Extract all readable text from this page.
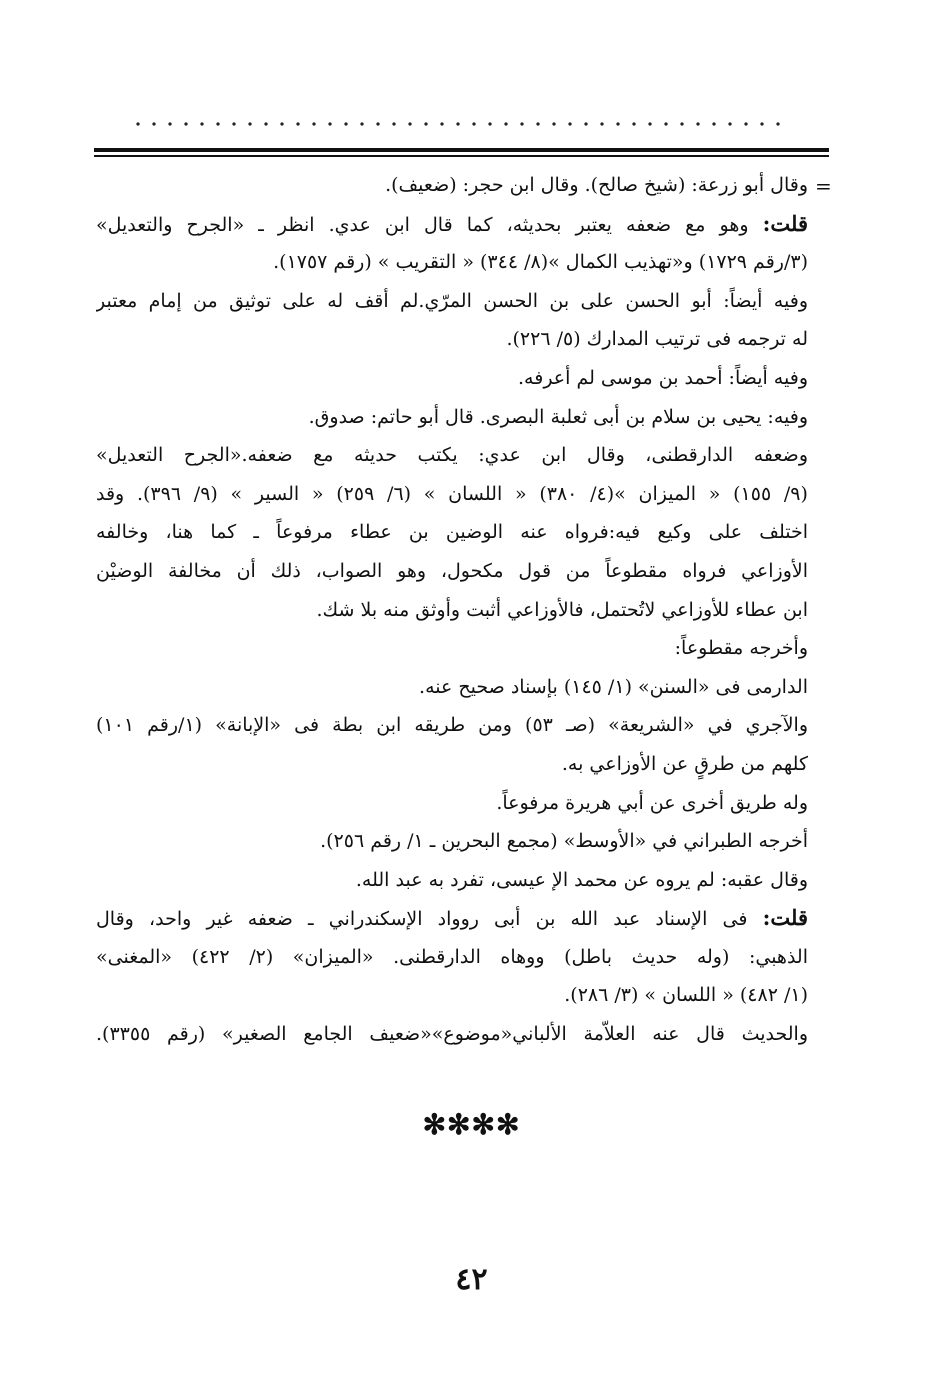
=
وقال أبو زرعة: (شيخ صالح). وقال ابن حجر: (ضعيف).
قلت: وهو مع ضعفه يعتبر بحديثه، كما قال ابن عدي. انظر ـ «الجرح والتعديل»
(٣/رقم ١٧٢٩) و«تهذيب الكمال »(٨/ ٣٤٤) « التقريب » (رقم ١٧٥٧).
وفيه أيضاً: أبو الحسن على بن الحسن المرّي.لم أقف له على توثيق من إمام معتبر
له ترجمه فى ترتيب المدارك (٥/ ٢٢٦).
وفيه أيضاً: أحمد بن موسى لم أعرفه.
وفيه: يحيى بن سلام بن أبى ثعلبة البصرى. قال أبو حاتم: صدوق.
وضعفه الدارقطنى، وقال ابن عدي: يكتب حديثه مع ضعفه.«الجرح التعديل»
(٩/ ١٥٥) « الميزان »(٤/ ٣٨٠) « اللسان » (٦/ ٢٥٩) « السير » (٩/ ٣٩٦). وقد
اختلف على وكيع فيه:فرواه عنه الوضين بن عطاء مرفوعاً ـ كما هنا، وخالفه
الأوزاعي فرواه مقطوعاً من قول مكحول، وهو الصواب، ذلك أن مخالفة الوضيْن
ابن عطاء للأوزاعي لاتُحتمل، فالأوزاعي أثبت وأوثق منه بلا شك.
وأخرجه مقطوعاً:
الدارمى فى «السنن» (١/ ١٤٥) بإسناد صحيح عنه.
والآجري في «الشريعة» (صـ ٥٣) ومن طريقه ابن بطة فى «الإبانة» (١/رقم ١٠١)
كلهم من طرقٍ عن الأوزاعي به.
وله طريق أخرى عن أبي هريرة مرفوعاً.
أخرجه الطبراني في «الأوسط» (مجمع البحرين ـ ١/ رقم ٢٥٦).
وقال عقبه: لم يروه عن محمد الإ عيسى، تفرد به عبد الله.
قلت: فى الإسناد عبد الله بن أبى روواد الإسكندراني ـ ضعفه غير واحد، وقال
الذهبي: (وله حديث باطل) ووهاه الدارقطنى. «الميزان» (٢/ ٤٢٢) «المغنى»
(١/ ٤٨٢) « اللسان » (٣/ ٢٨٦).
والحديث قال عنه العلاّمة الألباني«موضوع»«ضعيف الجامع الصغير» (رقم ٣٣٥٥).
✻✻✻✻
٤٢
